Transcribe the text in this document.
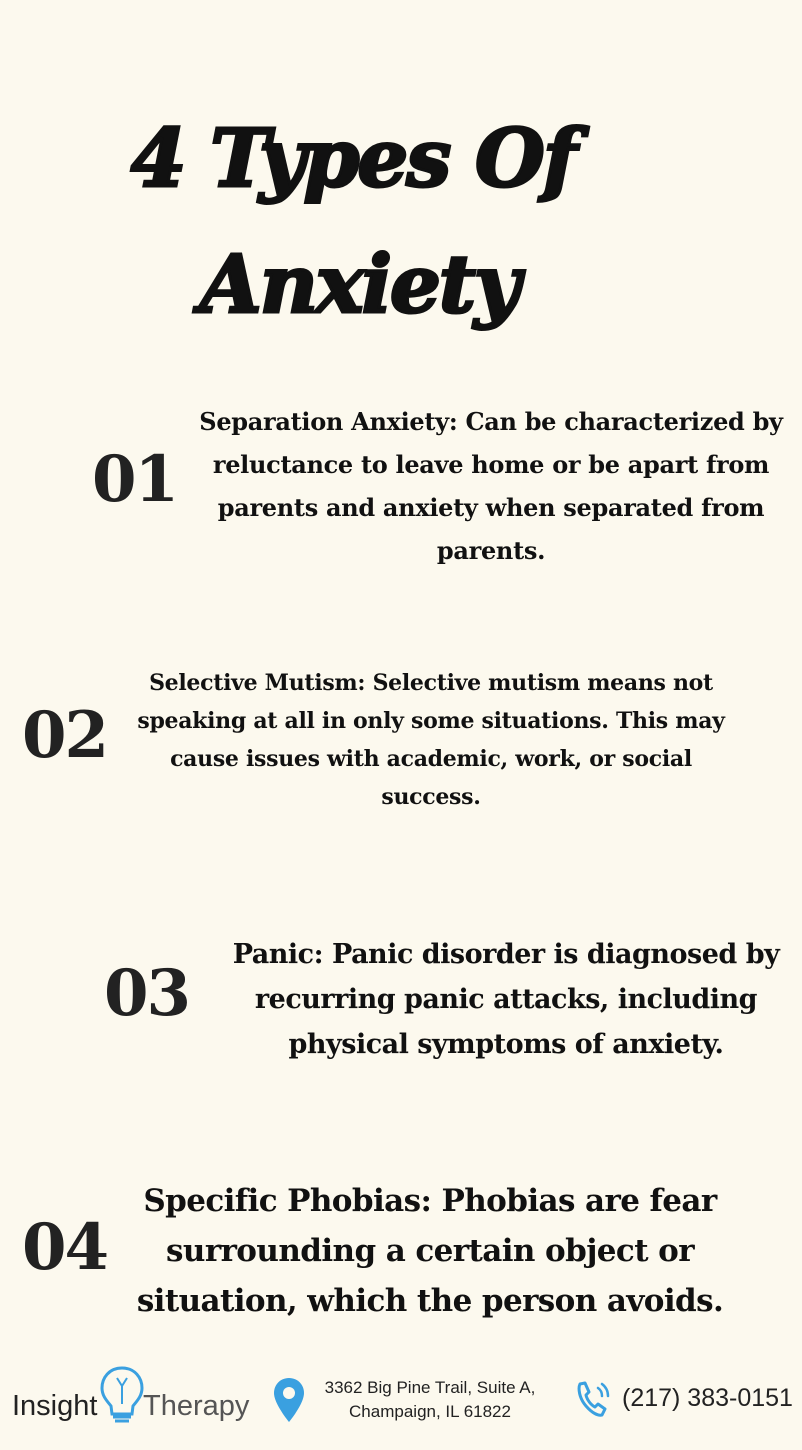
4 Types Of
Anxiety
01
Separation Anxiety: Can be characterized by reluctance to leave home or be apart from parents and anxiety when separated from parents.
02
Selective Mutism: Selective mutism means not speaking at all in only some situations. This may cause issues with academic, work, or social success.
03
Panic: Panic disorder is diagnosed by recurring panic attacks, including physical symptoms of anxiety.
04
Specific Phobias: Phobias are fear surrounding a certain object or situation, which the person avoids.
Insight Therapy
3362 Big Pine Trail, Suite A,
Champaign, IL 61822	(217) 383-0151
